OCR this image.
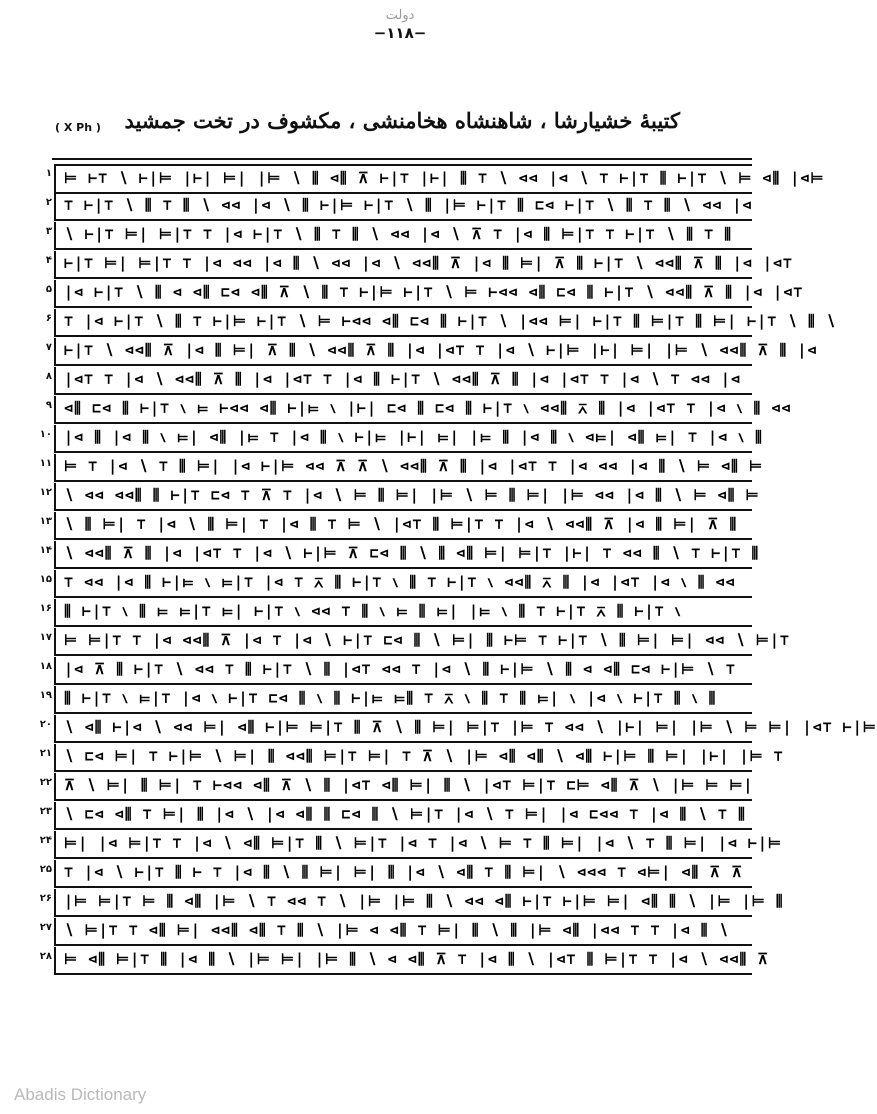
دولت
−۱۱۸−
کتیبهٔ خشیارشا ، شاهنشاه هخامنشی ، مکشوف در تخت جمشید
( X Ph )
۱ ⊨ ⊢⊤ ∖ ⊢|⊨ |⊢| ⊨| |⊨ ∖ ⫼ ⊲⫼ ⊼ ⊢|⊤ |⊢| ⫼ ⊤ ∖ ⊲⊲ |⊲ ∖ ⊤ ⊢|⊤ ⫼ ⊢|⊤ ∖ ⊨ ⊲⫼ |⊲⊨
۲ ⊤ ⊢|⊤ ∖ ⫼ ⊤ ⫼ ∖ ⊲⊲ |⊲ ∖ ⫼ ⊢|⊨ ⊢|⊤ ∖ ⫼ |⊨ ⊢|⊤ ⫼ ⊏⊲ ⊢|⊤ ∖ ⫼ ⊤ ⫼ ∖ ⊲⊲ |⊲
۳ ∖ ⊢|⊤ ⊨| ⊨|⊤ ⊤ |⊲ ⊢|⊤ ∖ ⫼ ⊤ ⫼ ∖ ⊲⊲ |⊲ ∖ ⊼ ⊤ |⊲ ⫼ ⊨|⊤ ⊤ ⊢|⊤ ∖ ⫼ ⊤ ⫼
۴ ⊢|⊤ ⊨| ⊨|⊤ ⊤ |⊲ ⊲⊲ |⊲ ⫼ ∖ ⊲⊲ |⊲ ∖ ⊲⊲⫼ ⊼ |⊲ ⫼ ⊨| ⊼ ⫼ ⊢|⊤ ∖ ⊲⊲⫼ ⊼ ⫼ |⊲ |⊲⊤
۵ |⊲ ⊢|⊤ ∖ ⫼ ⊲ ⊲⫼ ⊏⊲ ⊲⫼ ⊼ ∖ ⫼ ⊤ ⊢|⊨ ⊢|⊤ ∖ ⊨ ⊢⊲⊲ ⊲⫼ ⊏⊲ ⫼ ⊢|⊤ ∖ ⊲⊲⫼ ⊼ ⫼ |⊲ |⊲⊤
۶ ⊤ |⊲ ⊢|⊤ ∖ ⫼ ⊤ ⊢|⊨ ⊢|⊤ ∖ ⊨ ⊢⊲⊲ ⊲⫼ ⊏⊲ ⫼ ⊢|⊤ ∖ |⊲⊲ ⊨| ⊢|⊤ ⫼ ⊨|⊤ ⫼ ⊨| ⊢|⊤ ∖ ⫼ ∖
۷ ⊢|⊤ ∖ ⊲⊲⫼ ⊼ |⊲ ⫼ ⊨| ⊼ ⫼ ∖ ⊲⊲⫼ ⊼ ⫼ |⊲ |⊲⊤ ⊤ |⊲ ∖ ⊢|⊨ |⊢| ⊨| |⊨ ∖ ⊲⊲⫼ ⊼ ⫼ |⊲
۸ |⊲⊤ ⊤ |⊲ ∖ ⊲⊲⫼ ⊼ ⫼ |⊲ |⊲⊤ ⊤ |⊲ ⫼ ⊢|⊤ ∖ ⊲⊲⫼ ⊼ ⫼ |⊲ |⊲⊤ ⊤ |⊲ ∖ ⊤ ⊲⊲ |⊲
۹ ⊲⫼ ⊏⊲ ⫼ ⊢|⊤ ∖ ⊨ ⊢⊲⊲ ⊲⫼ ⊢|⊨ ∖ |⊢| ⊏⊲ ⫼ ⊏⊲ ⫼ ⊢|⊤ ∖ ⊲⊲⫼ ⊼ ⫼ |⊲ |⊲⊤ ⊤ |⊲ ∖ ⫼ ⊲⊲
۱۰ |⊲ ⫼ |⊲ ⫼ ∖ ⊨| ⊲⫼ |⊨ ⊤ |⊲ ⫼ ∖ ⊢|⊨ |⊢| ⊨| |⊨ ⫼ |⊲ ⫼ ∖ ⊲⊨| ⊲⫼ ⊨| ⊤ |⊲ ∖ ⫼
۱۱ ⊨ ⊤ |⊲ ∖ ⊤ ⫼ ⊨| |⊲ ⊢|⊨ ⊲⊲ ⊼ ⊼ ∖ ⊲⊲⫼ ⊼ ⫼ |⊲ |⊲⊤ ⊤ |⊲ ⊲⊲ |⊲ ⫼ ∖ ⊨ ⊲⫼ ⊨
۱۲ ∖ ⊲⊲ ⊲⊲⫼ ⫼ ⊢|⊤ ⊏⊲ ⊤ ⊼ ⊤ |⊲ ∖ ⊨ ⫼ ⊨| |⊨ ∖ ⊨ ⫼ ⊨| |⊨ ⊲⊲ |⊲ ⫼ ∖ ⊨ ⊲⫼ ⊨
۱۳ ∖ ⫼ ⊨| ⊤ |⊲ ∖ ⫼ ⊨| ⊤ |⊲ ⫼ ⊤ ⊨ ∖ |⊲⊤ ⫼ ⊨|⊤ ⊤ |⊲ ∖ ⊲⊲⫼ ⊼ |⊲ ⫼ ⊨| ⊼ ⫼
۱۴ ∖ ⊲⊲⫼ ⊼ ⫼ |⊲ |⊲⊤ ⊤ |⊲ ∖ ⊢|⊨ ⊼ ⊏⊲ ⫼ ∖ ⫼ ⊲⫼ ⊨| ⊨|⊤ |⊢| ⊤ ⊲⊲ ⫼ ∖ ⊤ ⊢|⊤ ⫼
۱۵ ⊤ ⊲⊲ |⊲ ⫼ ⊢|⊨ ∖ ⊨|⊤ |⊲ ⊤ ⊼ ⫼ ⊢|⊤ ∖ ⫼ ⊤ ⊢|⊤ ∖ ⊲⊲⫼ ⊼ ⫼ |⊲ |⊲⊤ |⊲ ∖ ⫼ ⊲⊲
۱۶ ⫼ ⊢|⊤ ∖ ⫼ ⊨ ⊨|⊤ ⊨| ⊢|⊤ ∖ ⊲⊲ ⊤ ⫼ ∖ ⊨ ⫼ ⊨| |⊨ ∖ ⫼ ⊤ ⊢|⊤ ⊼ ⫼ ⊢|⊤ ∖
۱۷ ⊨ ⊨|⊤ ⊤ |⊲ ⊲⊲⫼ ⊼ |⊲ ⊤ |⊲ ∖ ⊢|⊤ ⊏⊲ ⫼ ∖ ⊨| ⫼ ⊢⊨ ⊤ ⊢|⊤ ∖ ⫼ ⊨| ⊨| ⊲⊲ ∖ ⊨|⊤
۱۸ |⊲ ⊼ ⫼ ⊢|⊤ ∖ ⊲⊲ ⊤ ⫼ ⊢|⊤ ∖ ⫼ |⊲⊤ ⊲⊲ ⊤ |⊲ ∖ ⫼ ⊢|⊨ ∖ ⫼ ⊲ ⊲⫼ ⊏⊲ ⊢|⊨ ∖ ⊤
۱۹ ⫼ ⊢|⊤ ∖ ⊨|⊤ |⊲ ∖ ⊢|⊤ ⊏⊲ ⫼ ∖ ⫼ ⊢|⊨ ⊨⫼ ⊤ ⊼ ∖ ⫼ ⊤ ⫼ ⊨| ∖ |⊲ ∖ ⊢|⊤ ⫼ ∖ ⫼
۲۰ ∖ ⊲⫼ ⊢|⊲ ∖ ⊲⊲ ⊨| ⊲⫼ ⊢|⊨ ⊨|⊤ ⫼ ⊼ ∖ ⫼ ⊨| ⊨|⊤ |⊨ ⊤ ⊲⊲ ∖ |⊢| ⊨| |⊨ ∖ ⊨ ⊨| |⊲⊤ ⊢|⊨
۲۱ ∖ ⊏⊲ ⊨| ⊤ ⊢|⊨ ∖ ⊨| ⫼ ⊲⊲⫼ ⊨|⊤ ⊨| ⊤ ⊼ ∖ |⊨ ⊲⫼ ⊲⫼ ∖ ⊲⫼ ⊢|⊨ ⫼ ⊨| |⊢| |⊨ ⊤
۲۲ ⊼ ∖ ⊨| ⫼ ⊨| ⊤ ⊢⊲⊲ ⊲⫼ ⊼ ∖ ⫼ |⊲⊤ ⊲⫼ ⊨| ⫼ ∖ |⊲⊤ ⊨|⊤ ⊏⊨ ⊲⫼ ⊼ ∖ |⊨ ⊨ ⊨|
۲۳ ∖ ⊏⊲ ⊲⫼ ⊤ ⊨| ⫼ |⊲ ∖ |⊲ ⊲⫼ ⫼ ⊏⊲ ⫼ ∖ ⊨|⊤ |⊲ ∖ ⊤ ⊨| |⊲ ⊏⊲⊲ ⊤ |⊲ ⫼ ∖ ⊤ ⫼
۲۴ ⊨| |⊲ ⊨|⊤ ⊤ |⊲ ∖ ⊲⫼ ⊨|⊤ ⫼ ∖ ⊨|⊤ |⊲ ⊤ |⊲ ∖ ⊨ ⊤ ⫼ ⊨| |⊲ ∖ ⊤ ⫼ ⊨| |⊲ ⊢|⊨
۲۵ ⊤ |⊲ ∖ ⊢|⊤ ⫼ ⊢ ⊤ |⊲ ⫼ ∖ ⫼ ⊨| ⊨| ⫼ |⊲ ∖ ⊲⫼ ⊤ ⫼ ⊨| ∖ ⊲⊲⊲ ⊤ ⊲⊨| ⊲⫼ ⊼ ⊼
۲۶ |⊨ ⊨|⊤ ⊨ ⫼ ⊲⫼ |⊨ ∖ ⊤ ⊲⊲ ⊤ ∖ |⊨ |⊨ ⫼ ∖ ⊲⊲ ⊲⫼ ⊢|⊤ ⊢|⊨ ⊨| ⊲⫼ ⫼ ∖ |⊨ |⊨ ⫼
۲۷ ∖ ⊨|⊤ ⊤ ⊲⫼ ⊨| ⊲⊲⫼ ⊲⫼ ⊤ ⫼ ∖ |⊨ ⊲ ⊲⫼ ⊤ ⊨| ⫼ ∖ ⫼ |⊨ ⊲⫼ |⊲⊲ ⊤ ⊤ |⊲ ⫼ ∖
۲۸ ⊨ ⊲⫼ ⊨|⊤ ⫼ |⊲ ⫼ ∖ |⊨ ⊨| |⊨ ⫼ ∖ ⊲ ⊲⫼ ⊼ ⊤ |⊲ ⫼ ∖ |⊲⊤ ⫼ ⊨|⊤ ⊤ |⊲ ∖ ⊲⊲⫼ ⊼
Abadis Dictionary
